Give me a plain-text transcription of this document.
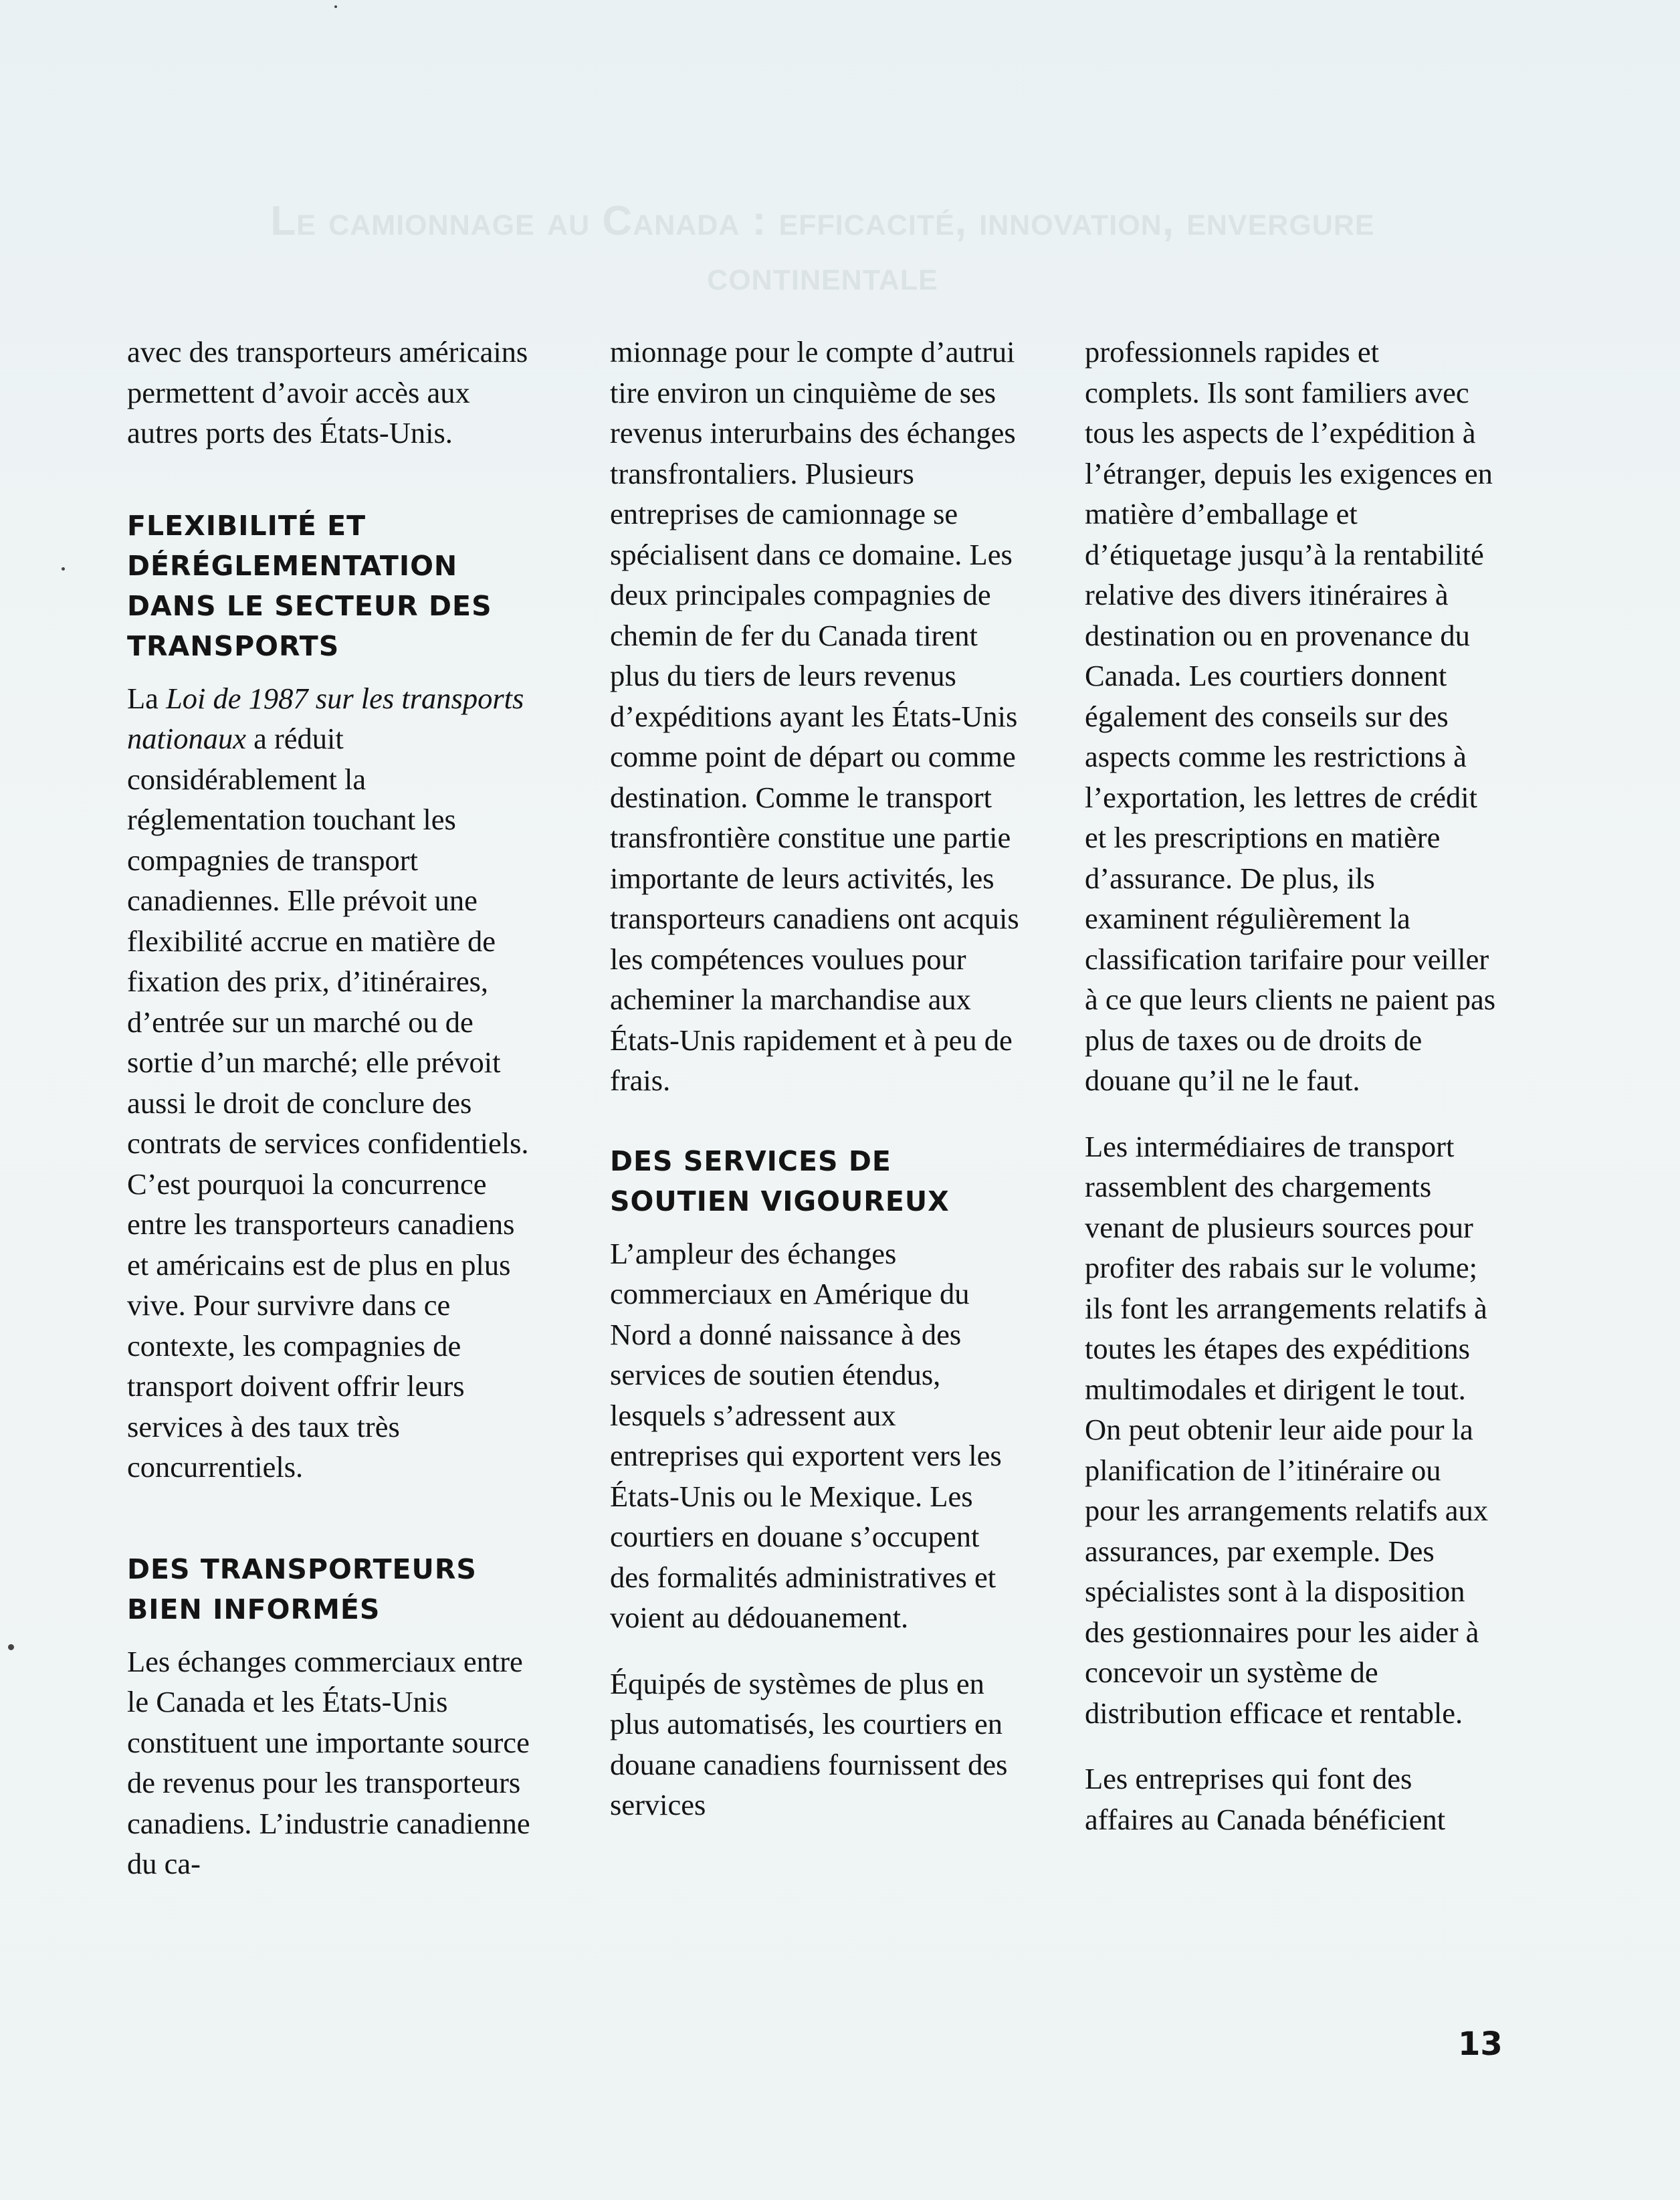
Le camionnage au Canada : efficacité, innovation, envergure continentale

avec des transporteurs américains permettent d’avoir accès aux autres ports des États-Unis.

FLEXIBILITÉ ET DÉRÉGLEMENTATION DANS LE SECTEUR DES TRANSPORTS

La Loi de 1987 sur les transports nationaux a réduit considérablement la réglementation touchant les compagnies de transport canadiennes. Elle prévoit une flexibilité accrue en matière de fixation des prix, d’itinéraires, d’entrée sur un marché ou de sortie d’un marché; elle prévoit aussi le droit de conclure des contrats de services confidentiels. C’est pourquoi la concurrence entre les transporteurs canadiens et américains est de plus en plus vive. Pour survivre dans ce contexte, les compagnies de transport doivent offrir leurs services à des taux très concurrentiels.

DES TRANSPORTEURS BIEN INFORMÉS

Les échanges commerciaux entre le Canada et les États-Unis constituent une importante source de revenus pour les transporteurs canadiens. L’industrie canadienne du ca-

mionnage pour le compte d’autrui tire environ un cinquième de ses revenus interurbains des échanges transfrontaliers. Plusieurs entreprises de camionnage se spécialisent dans ce domaine. Les deux principales compagnies de chemin de fer du Canada tirent plus du tiers de leurs revenus d’expéditions ayant les États-Unis comme point de départ ou comme destination. Comme le transport transfrontière constitue une partie importante de leurs activités, les transporteurs canadiens ont acquis les compétences voulues pour acheminer la marchandise aux États-Unis rapidement et à peu de frais.

DES SERVICES DE SOUTIEN VIGOUREUX

L’ampleur des échanges commerciaux en Amérique du Nord a donné naissance à des services de soutien étendus, lesquels s’adressent aux entreprises qui exportent vers les États-Unis ou le Mexique. Les courtiers en douane s’occupent des formalités administratives et voient au dédouanement.

Équipés de systèmes de plus en plus automatisés, les courtiers en douane canadiens fournissent des services

professionnels rapides et complets. Ils sont familiers avec tous les aspects de l’expédition à l’étranger, depuis les exigences en matière d’emballage et d’étiquetage jusqu’à la rentabilité relative des divers itinéraires à destination ou en provenance du Canada. Les courtiers donnent également des conseils sur des aspects comme les restrictions à l’exportation, les lettres de crédit et les prescriptions en matière d’assurance. De plus, ils examinent régulièrement la classification tarifaire pour veiller à ce que leurs clients ne paient pas plus de taxes ou de droits de douane qu’il ne le faut.

Les intermédiaires de transport rassemblent des chargements venant de plusieurs sources pour profiter des rabais sur le volume; ils font les arrangements relatifs à toutes les étapes des expéditions multimodales et dirigent le tout. On peut obtenir leur aide pour la planification de l’itinéraire ou pour les arrangements relatifs aux assurances, par exemple. Des spécialistes sont à la disposition des gestionnaires pour les aider à concevoir un système de distribution efficace et rentable.

Les entreprises qui font des affaires au Canada bénéficient

13
